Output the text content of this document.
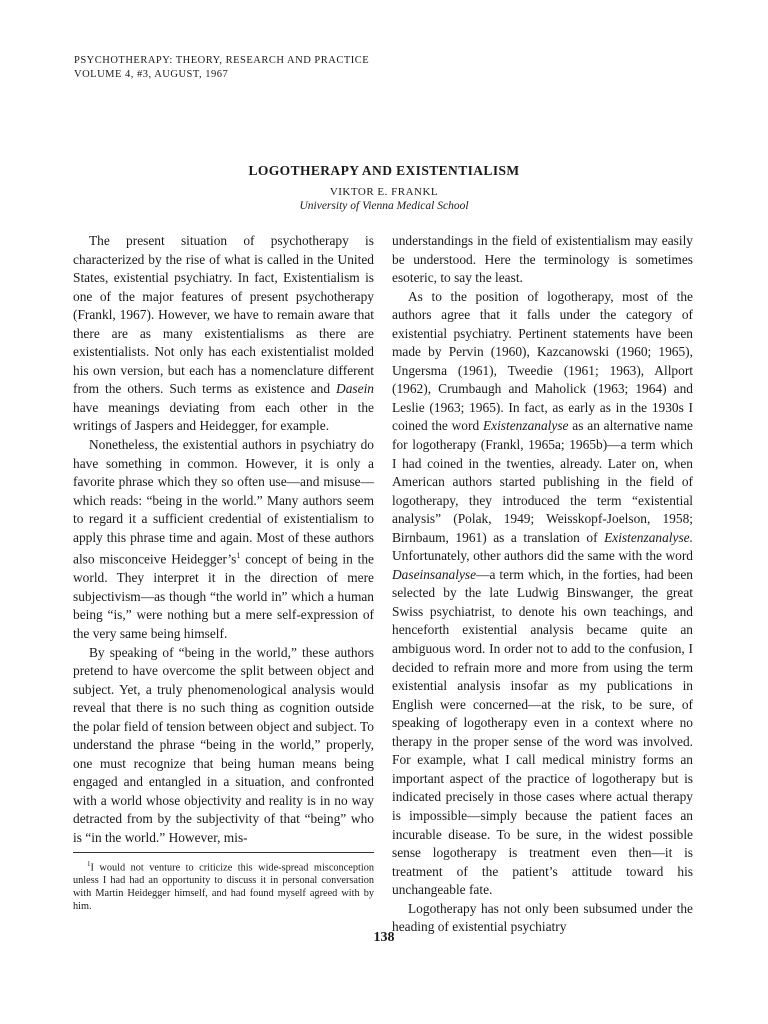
PSYCHOTHERAPY: THEORY, RESEARCH AND PRACTICE
VOLUME 4, #3, AUGUST, 1967
LOGOTHERAPY AND EXISTENTIALISM
VIKTOR E. FRANKL
University of Vienna Medical School

The present situation of psychotherapy is characterized by the rise of what is called in the United States, existential psychiatry. In fact, Existentialism is one of the major features of present psychotherapy (Frankl, 1967). However, we have to remain aware that there are as many existentialisms as there are existentialists. Not only has each existentialist molded his own version, but each has a nomenclature different from the others. Such terms as existence and Dasein have meanings deviating from each other in the writings of Jaspers and Heidegger, for example.

Nonetheless, the existential authors in psychiatry do have something in common. However, it is only a favorite phrase which they so often use—and misuse—which reads: “being in the world.” Many authors seem to regard it a sufficient credential of existentialism to apply this phrase time and again. Most of these authors also misconceive $Heidegger’s^1$ concept of being in the world. They interpret it in the direction of mere subjectivism—as though “the world in” which a human being “is,” were nothing but a mere self-expression of the very same being himself.

By speaking of “being in the world,” these authors pretend to have overcome the split between object and subject. Yet, a truly phenomenological analysis would reveal that there is no such thing as cognition outside the polar field of tension between object and subject. To understand the phrase “being in the world,” properly, one must recognize that being human means being engaged and entangled in a situation, and confronted with a world whose objectivity and reality is in no way detracted from by the subjectivity of that “being” who is “in the world.” However, mis-

understandings in the field of existentialism may easily be understood. Here the terminology is sometimes esoteric, to say the least.

As to the position of logotherapy, most of the authors agree that it falls under the category of existential psychiatry. Pertinent statements have been made by Pervin (1960), Kazcanowski (1960; 1965), Ungersma (1961), Tweedie (1961; 1963), Allport (1962), Crumbaugh and Maholick (1963; 1964) and Leslie (1963; 1965). In fact, as early as in the 1930s I coined the word Existenzanalyse as an alternative name for logotherapy (Frankl, 1965a; 1965b)—a term which I had coined in the twenties, already. Later on, when American authors started publishing in the field of logotherapy, they introduced the term “existential analysis” (Polak, 1949; Weisskopf-Joelson, 1958; Birnbaum, 1961) as a translation of Existenzanalyse. Unfortunately, other authors did the same with the word Daseinsanalyse—a term which, in the forties, had been selected by the late Ludwig Binswanger, the great Swiss psychiatrist, to denote his own teachings, and henceforth existential analysis became quite an ambiguous word. In order not to add to the confusion, I decided to refrain more and more from using the term existential analysis insofar as my publications in English were concerned—at the risk, to be sure, of speaking of logotherapy even in a context where no therapy in the proper sense of the word was involved. For example, what I call medical ministry forms an important aspect of the practice of logotherapy but is indicated precisely in those cases where actual therapy is impossible—simply because the patient faces an incurable disease. To be sure, in the widest possible sense logotherapy is treatment even then—it is treatment of the patient’s attitude toward his unchangeable fate.

Logotherapy has not only been subsumed under the heading of existential psychiatry

$^1$I would not venture to criticize this wide-spread misconception unless I had had an opportunity to discuss it in personal conversation with Martin Heidegger himself, and had found myself agreed with by him.
138
